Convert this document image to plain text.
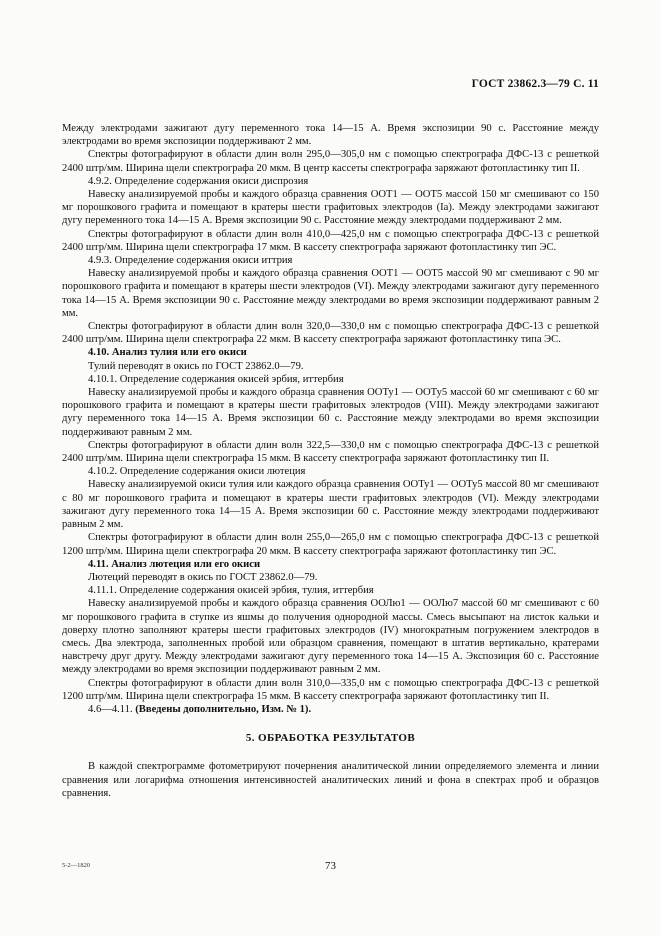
ГОСТ 23862.3—79 С. 11

Между электродами зажигают дугу переменного тока 14—15 А. Время экспозиции 90 с. Расстояние между электродами во время экспозиции поддерживают 2 мм.

Спектры фотографируют в области длин волн 295,0—305,0 нм с помощью спектрографа ДФС-13 с решеткой 2400 штр/мм. Ширина щели спектрографа 20 мкм. В центр кассеты спектрографа заряжают фотопластинку тип II.

4.9.2. Определение содержания окиси диспрозия

Навеску анализируемой пробы и каждого образца сравнения ООТ1 — ООТ5 массой 150 мг смешивают со 150 мг порошкового графита и помещают в кратеры шести графитовых электродов (Iа). Между электродами зажигают дугу переменного тока 14—15 А. Время экспозиции 90 с. Расстояние между электродами поддерживают 2 мм.

Спектры фотографируют в области длин волн 410,0—425,0 нм с помощью спектрографа ДФС-13 с решеткой 2400 штр/мм. Ширина щели спектрографа 17 мкм. В кассету спектрографа заряжают фотопластинку тип ЭС.

4.9.3. Определение содержания окиси иттрия

Навеску анализируемой пробы и каждого образца сравнения ООТ1 — ООТ5 массой 90 мг смешивают с 90 мг порошкового графита и помещают в кратеры шести электродов (VI). Между электродами зажигают дугу переменного тока 14—15 А. Время экспозиции 90 с. Расстояние между электродами во время экспозиции поддерживают равным 2 мм.

Спектры фотографируют в области длин волн 320,0—330,0 нм с помощью спектрографа ДФС-13 с решеткой 2400 штр/мм. Ширина щели спектрографа 22 мкм. В кассету спектрографа заряжают фотопластинку типа ЭС.

4.10. Анализ тулия или его окиси

Тулий переводят в окись по ГОСТ 23862.0—79.

4.10.1. Определение содержания окисей эрбия, иттербия

Навеску анализируемой пробы и каждого образца сравнения ООТу1 — ООТу5 массой 60 мг смешивают с 60 мг порошкового графита и помещают в кратеры шести графитовых электродов (VIII). Между электродами зажигают дугу переменного тока 14—15 А. Время экспозиции 60 с. Расстояние между электродами во время экспозиции поддерживают равным 2 мм.

Спектры фотографируют в области длин волн 322,5—330,0 нм с помощью спектрографа ДФС-13 с решеткой 2400 штр/мм. Ширина щели спектрографа 15 мкм. В кассету спектрографа заряжают фотопластинку тип II.

4.10.2. Определение содержания окиси лютеция

Навеску анализируемой окиси тулия или каждого образца сравнения ООТу1 — ООТу5 массой 80 мг смешивают с 80 мг порошкового графита и помещают в кратеры шести графитовых электродов (VI). Между электродами зажигают дугу переменного тока 14—15 А. Время экспозиции 60 с. Расстояние между электродами поддерживают равным 2 мм.

Спектры фотографируют в области длин волн 255,0—265,0 нм с помощью спектрографа ДФС-13 с решеткой 1200 штр/мм. Ширина щели спектрографа 20 мкм. В кассету спектрографа заряжают фотопластинку тип ЭС.

4.11. Анализ лютеция или его окиси

Лютеций переводят в окись по ГОСТ 23862.0—79.

4.11.1. Определение содержания окисей эрбия, тулия, иттербия

Навеску анализируемой пробы и каждого образца сравнения ООЛю1 — ООЛю7 массой 60 мг смешивают с 60 мг порошкового графита в ступке из яшмы до получения однородной массы. Смесь высыпают на листок кальки и доверху плотно заполняют кратеры шести графитовых электродов (IV) многократным погружением электродов в смесь. Два электрода, заполненных пробой или образцом сравнения, помещают в штатив вертикально, кратерами навстречу друг другу. Между электродами зажигают дугу переменного тока 14—15 А. Экспозиция 60 с. Расстояние между электродами во время экспозиции поддерживают равным 2 мм.

Спектры фотографируют в области длин волн 310,0—335,0 нм с помощью спектрографа ДФС-13 с решеткой 1200 штр/мм. Ширина щели спектрографа 15 мкм. В кассету спектрографа заряжают фотопластинку тип II.

4.6—4.11. (Введены дополнительно, Изм. № 1).

5. ОБРАБОТКА РЕЗУЛЬТАТОВ

В каждой спектрограмме фотометрируют почернения аналитической линии определяемого элемента и линии сравнения или логарифма отношения интенсивностей аналитических линий и фона в спектрах проб и образцов сравнения.

5-2—1820	73
